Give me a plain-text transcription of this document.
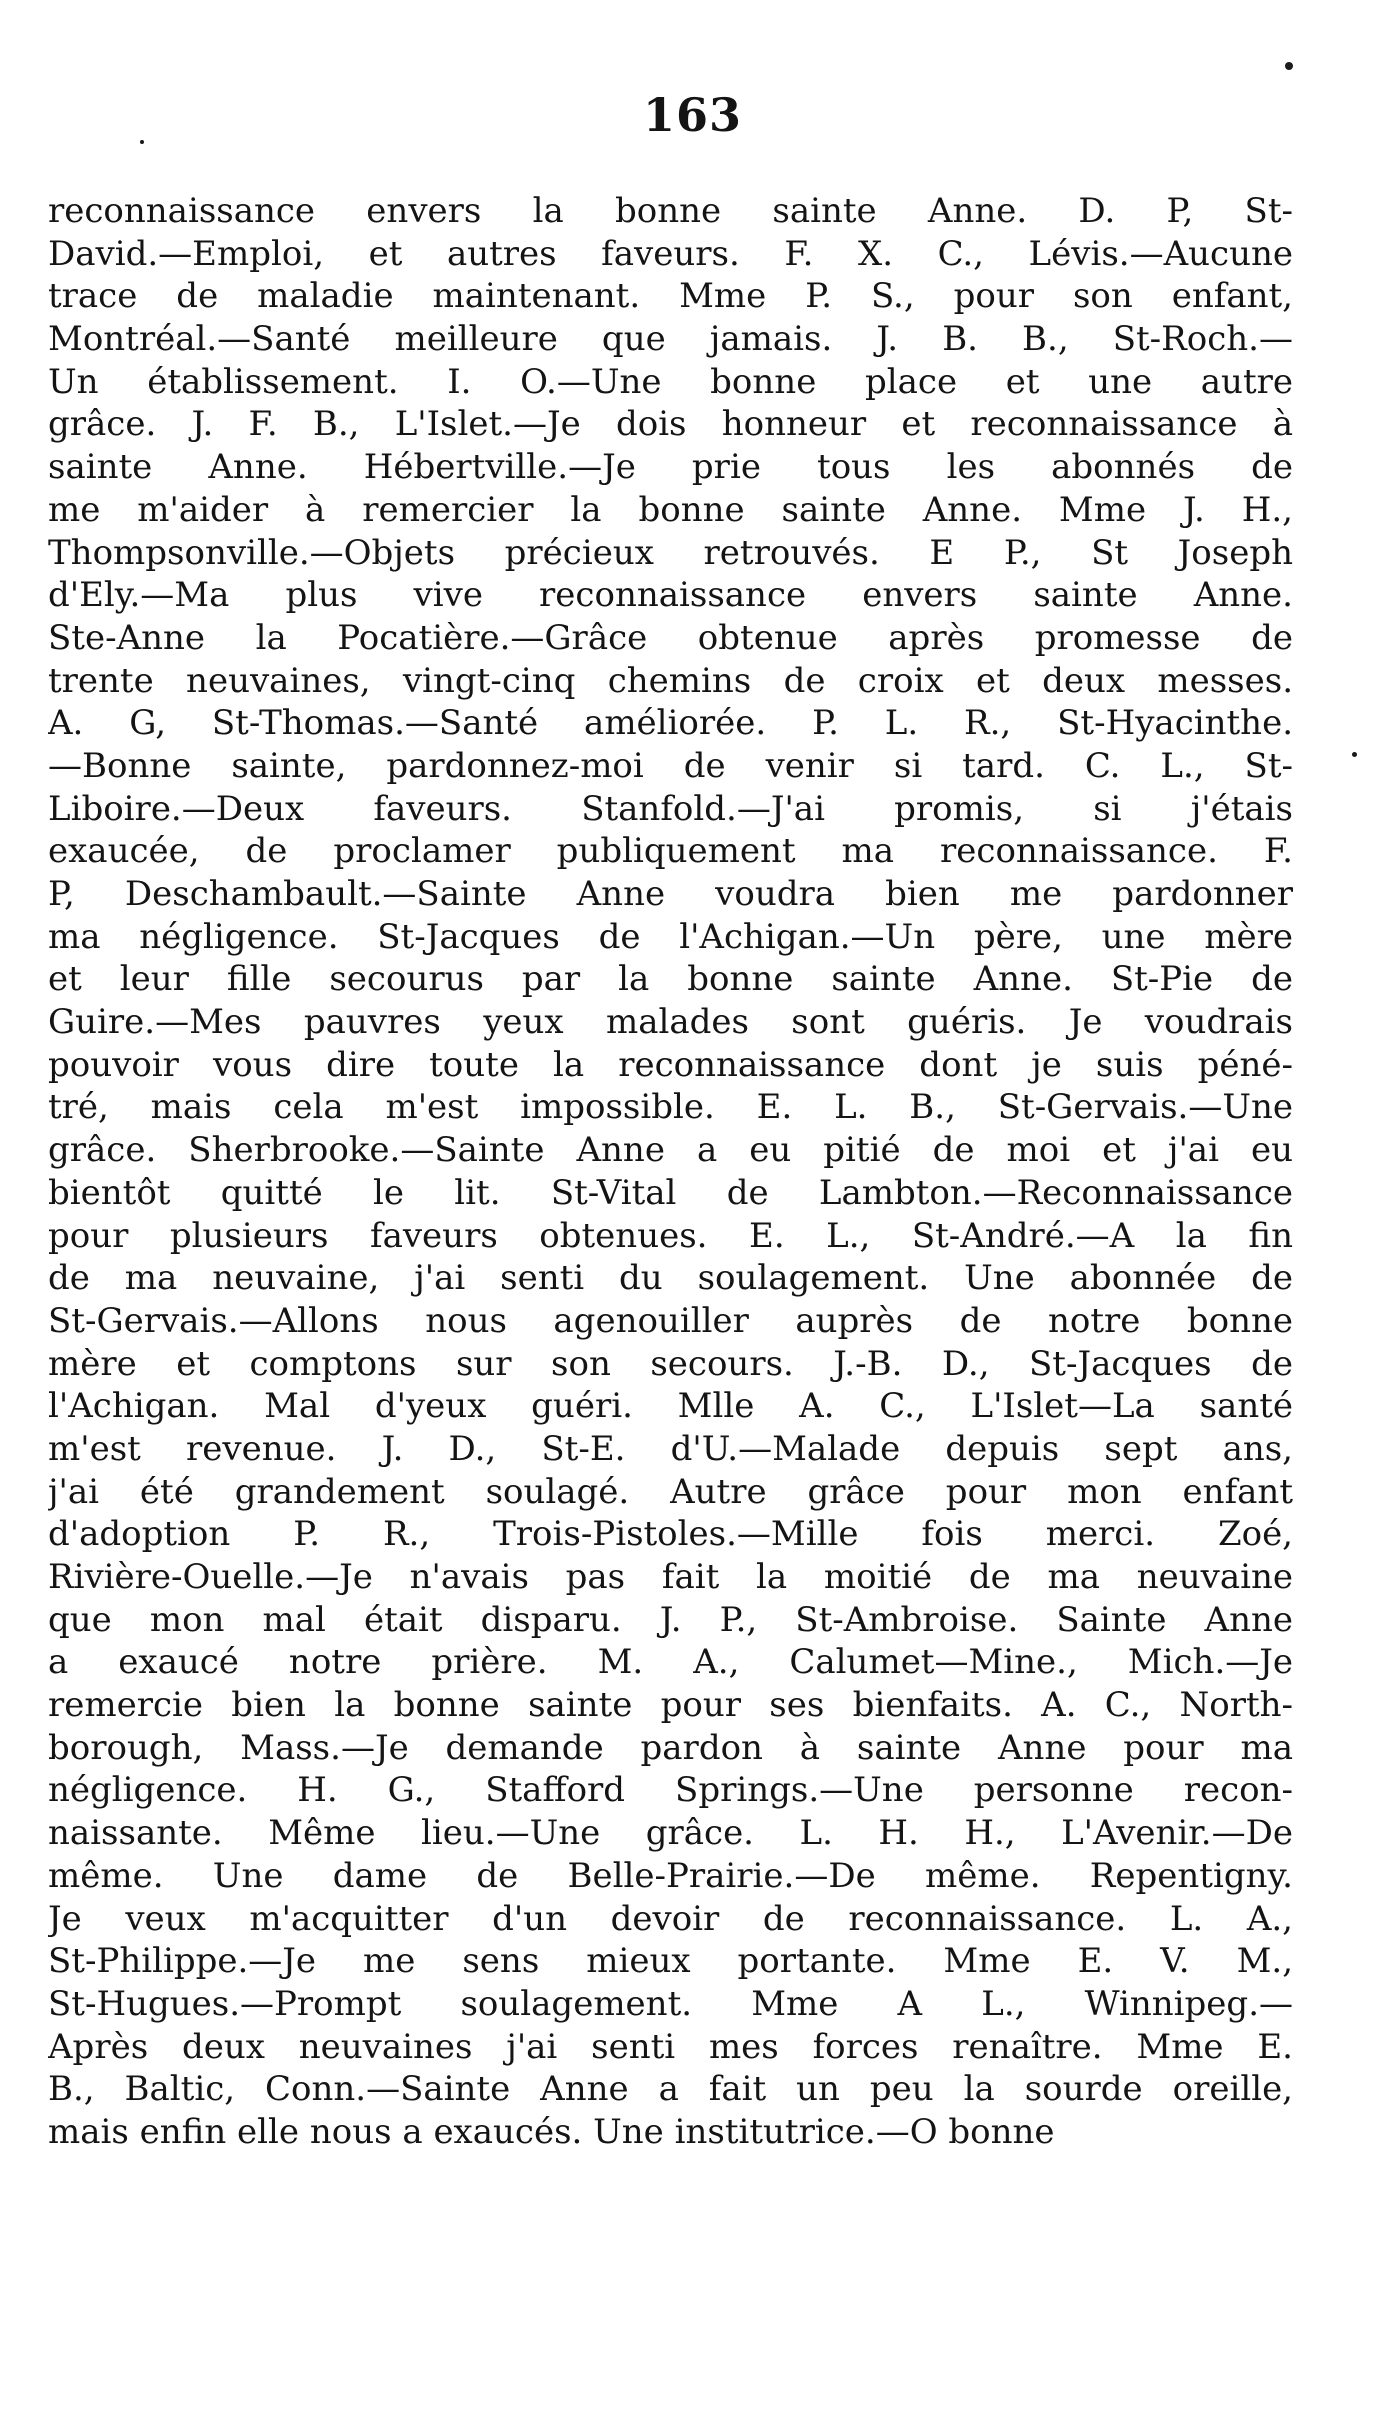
163
reconnaissance envers la bonne sainte Anne. D. P, St-
David.—Emploi, et autres faveurs. F. X. C., Lévis.—Aucune
trace de maladie maintenant. Mme P. S., pour son enfant,
Montréal.—Santé meilleure que jamais. J. B. B., St-Roch.—
Un établissement. I. O.—Une bonne place et une autre
grâce. J. F. B., L'Islet.—Je dois honneur et reconnaissance à
sainte Anne. Hébertville.—Je prie tous les abonnés de
me m'aider à remercier la bonne sainte Anne. Mme J. H.,
Thompsonville.—Objets précieux retrouvés. E P., St Joseph
d'Ely.—Ma plus vive reconnaissance envers sainte Anne.
Ste-Anne la Pocatière.—Grâce obtenue après promesse de
trente neuvaines, vingt-cinq chemins de croix et deux messes.
A. G, St-Thomas.—Santé améliorée. P. L. R., St-Hyacinthe.
—Bonne sainte, pardonnez-moi de venir si tard. C. L., St-
Liboire.—Deux faveurs. Stanfold.—J'ai promis, si j'étais
exaucée, de proclamer publiquement ma reconnaissance. F.
P, Deschambault.—Sainte Anne voudra bien me pardonner
ma négligence. St-Jacques de l'Achigan.—Un père, une mère
et leur fille secourus par la bonne sainte Anne. St-Pie de
Guire.—Mes pauvres yeux malades sont guéris. Je voudrais
pouvoir vous dire toute la reconnaissance dont je suis péné-
tré, mais cela m'est impossible. E. L. B., St-Gervais.—Une
grâce. Sherbrooke.—Sainte Anne a eu pitié de moi et j'ai eu
bientôt quitté le lit. St-Vital de Lambton.—Reconnaissance
pour plusieurs faveurs obtenues. E. L., St-André.—A la fin
de ma neuvaine, j'ai senti du soulagement. Une abonnée de
St-Gervais.—Allons nous agenouiller auprès de notre bonne
mère et comptons sur son secours. J.-B. D., St-Jacques de
l'Achigan. Mal d'yeux guéri. Mlle A. C., L'Islet—La santé
m'est revenue. J. D., St-E. d'U.—Malade depuis sept ans,
j'ai été grandement soulagé. Autre grâce pour mon enfant
d'adoption P. R., Trois-Pistoles.—Mille fois merci. Zoé,
Rivière-Ouelle.—Je n'avais pas fait la moitié de ma neuvaine
que mon mal était disparu. J. P., St-Ambroise. Sainte Anne
a exaucé notre prière. M. A., Calumet—Mine., Mich.—Je
remercie bien la bonne sainte pour ses bienfaits. A. C., North-
borough, Mass.—Je demande pardon à sainte Anne pour ma
négligence. H. G., Stafford Springs.—Une personne recon-
naissante. Même lieu.—Une grâce. L. H. H., L'Avenir.—De
même. Une dame de Belle-Prairie.—De même. Repentigny.
Je veux m'acquitter d'un devoir de reconnaissance. L. A.,
St-Philippe.—Je me sens mieux portante. Mme E. V. M.,
St-Hugues.—Prompt soulagement. Mme A L., Winnipeg.—
Après deux neuvaines j'ai senti mes forces renaître. Mme E.
B., Baltic, Conn.—Sainte Anne a fait un peu la sourde oreille,
mais enfin elle nous a exaucés. Une institutrice.—O bonne
